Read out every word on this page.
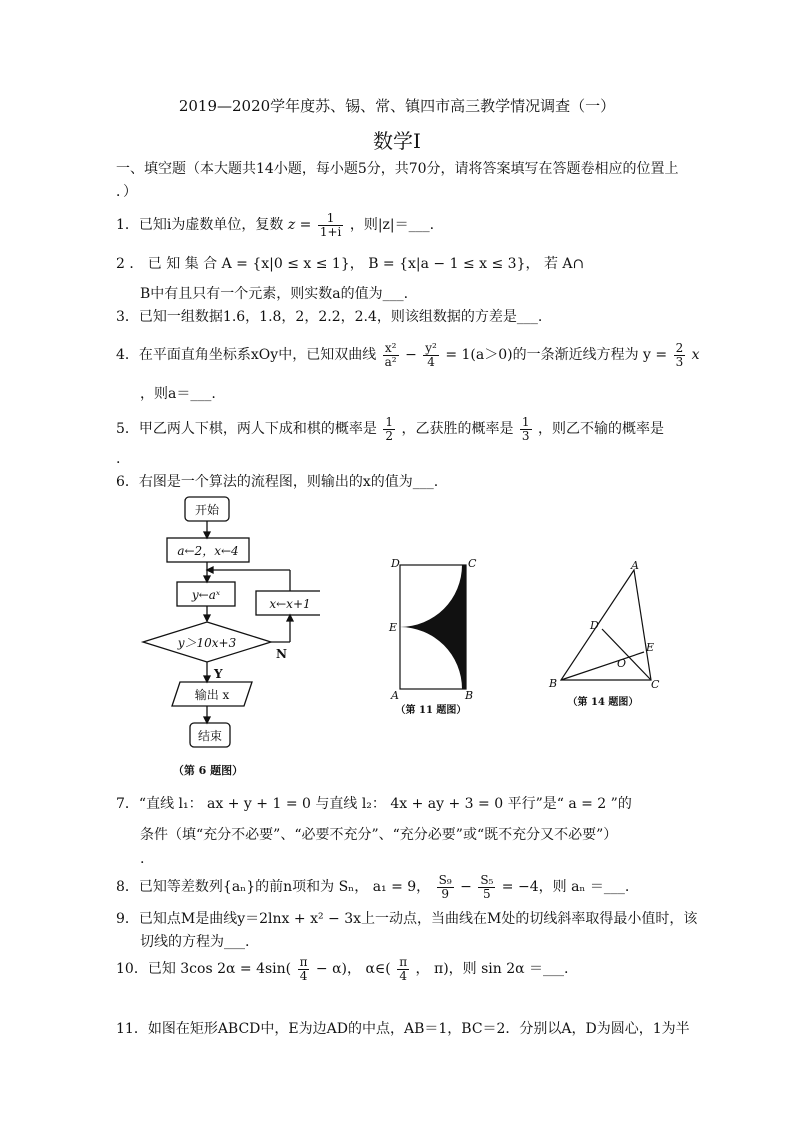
2019—2020学年度苏、锡、常、镇四市高三教学情况调查（一）
数学Ⅰ
一、填空题（本大题共14小题，每小题5分，共70分，请将答案填写在答题卷相应的位置上
．）
1．已知i为虚数单位，复数 $z = \frac{1}{1+i}$ ，则|z|＝___.
2 ． 已 知 集 合 A = {x|0 ≤ x ≤ 1}， B = {x|a − 1 ≤ x ≤ 3}， 若 A∩
B中有且只有一个元素，则实数a的值为___.
3．已知一组数据1.6，1.8，2，2.2，2.4，则该组数据的方差是___.
4．在平面直角坐标系xOy中，已知双曲线 $\frac{\text{x²}}{\text{a²}} - \frac{\text{y²}}{4} = 1(a>0)$的一条渐近线方程为 $y = \frac{2}{3}$ x
，则a＝___.
5．甲乙两人下棋，两人下成和棋的概率是 $\frac{1}{2}$ ，乙获胜的概率是 $\frac{1}{3}$ ，则乙不输的概率是
.
6．右图是一个算法的流程图，则输出的x的值为___.
开始
a←2，x←4
y←aˣ
x←x+1
y＞10x+3
Y
N
输出 x
结束
（第 6 题图）
D	C
E
A	B
（第 11 题图）
A
D
E
O
B	C
（第 14 题图）
7．“直线 l₁： ax + y + 1 = 0 与直线 l₂： 4x + ay + 3 = 0 平行”是“ a = 2 ”的
条件（填“充分不必要”、“必要不充分”、“充分必要”或“既不充分又不必要”）
.
8．已知等差数列{aₙ}的前n项和为 Sₙ， a₁ = 9， $\frac{\text{S₉}}{9} - \frac{\text{S₅}}{5} = -4$，则 aₙ ＝___.
9．已知点M是曲线y＝2lnx + x² − 3x上一动点，当曲线在M处的切线斜率取得最小值时，该
切线的方程为___.
10．已知 3cos $2\alpha = 4\sin( \frac{\pi}{4} - \alpha)$， α∈( $\frac{\pi}{4}$ ， π)，则 sin 2α ＝___.
11．如图在矩形ABCD中，E为边AD的中点，AB＝1，BC＝2．分别以A，D为圆心，1为半
